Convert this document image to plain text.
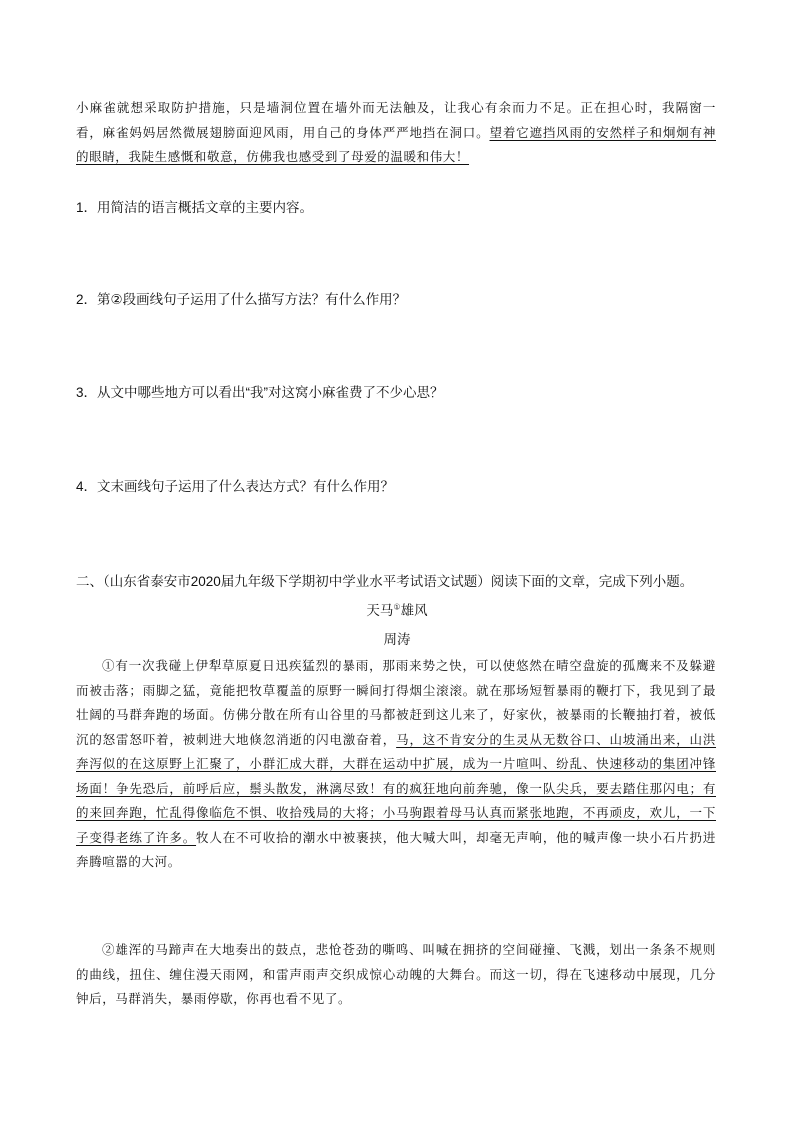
小麻雀就想采取防护措施，只是墙洞位置在墙外而无法触及，让我心有余而力不足。正在担心时，我隔窗一看，麻雀妈妈居然微展翅膀面迎风雨，用自己的身体严严地挡在洞口。望着它遮挡风雨的安然样子和炯炯有神的眼睛，我陡生感慨和敬意，仿佛我也感受到了母爱的温暖和伟大！

1．用简洁的语言概括文章的主要内容。

2．第②段画线句子运用了什么描写方法？有什么作用？

3．从文中哪些地方可以看出“我”对这窝小麻雀费了不少心思？

4．文末画线句子运用了什么表达方式？有什么作用？

二、（山东省泰安市2020届九年级下学期初中学业水平考试语文试题）阅读下面的文章，完成下列小题。

天马①雄风

周涛

①有一次我碰上伊犁草原夏日迅疾猛烈的暴雨，那雨来势之快，可以使悠然在晴空盘旋的孤鹰来不及躲避而被击落；雨脚之猛，竟能把牧草覆盖的原野一瞬间打得烟尘滚滚。就在那场短暂暴雨的鞭打下，我见到了最壮阔的马群奔跑的场面。仿佛分散在所有山谷里的马都被赶到这儿来了，好家伙，被暴雨的长鞭抽打着，被低沉的怒雷怒吓着，被刺进大地倏忽消逝的闪电激奋着，马，这不肯安分的生灵从无数谷口、山坡涌出来，山洪奔泻似的在这原野上汇聚了，小群汇成大群，大群在运动中扩展，成为一片喧叫、纷乱、快速移动的集团冲锋场面！争先恐后，前呼后应，鬃头散发，淋漓尽致！有的疯狂地向前奔驰，像一队尖兵，要去踏住那闪电；有的来回奔跑，忙乱得像临危不惧、收拾残局的大将；小马驹跟着母马认真而紧张地跑，不再顽皮，欢儿，一下子变得老练了许多。牧人在不可收拾的潮水中被裹挟，他大喊大叫，却毫无声响，他的喊声像一块小石片扔进奔腾喧嚣的大河。

②雄浑的马蹄声在大地奏出的鼓点，悲怆苍劲的嘶鸣、叫喊在拥挤的空间碰撞、飞溅，划出一条条不规则的曲线，扭住、缠住漫天雨网，和雷声雨声交织成惊心动魄的大舞台。而这一切，得在飞速移动中展现，几分钟后，马群消失，暴雨停歇，你再也看不见了。
